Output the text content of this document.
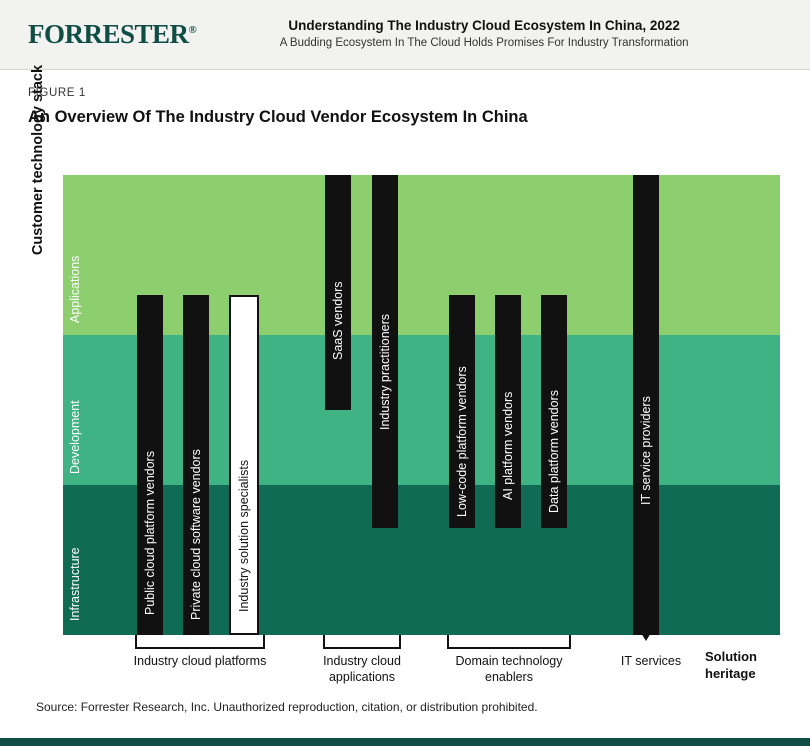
FORRESTER®	Understanding The Industry Cloud Ecosystem In China, 2022
A Budding Ecosystem In The Cloud Holds Promises For Industry Transformation
FIGURE 1
An Overview Of The Industry Cloud Vendor Ecosystem In China
Customer technology stack
Applications
Development
Infrastructure	Public cloud platform vendors	Private cloud software vendors	Industry solution specialists
SaaS vendors	Industry practitioners	Low-code platform vendors	AI platform vendors	Data platform vendors	IT service providers
Industry cloud platforms	Industry cloud applications
Domain technology enablers
IT services	Solution heritage
Source: Forrester Research, Inc. Unauthorized reproduction, citation, or distribution prohibited.
